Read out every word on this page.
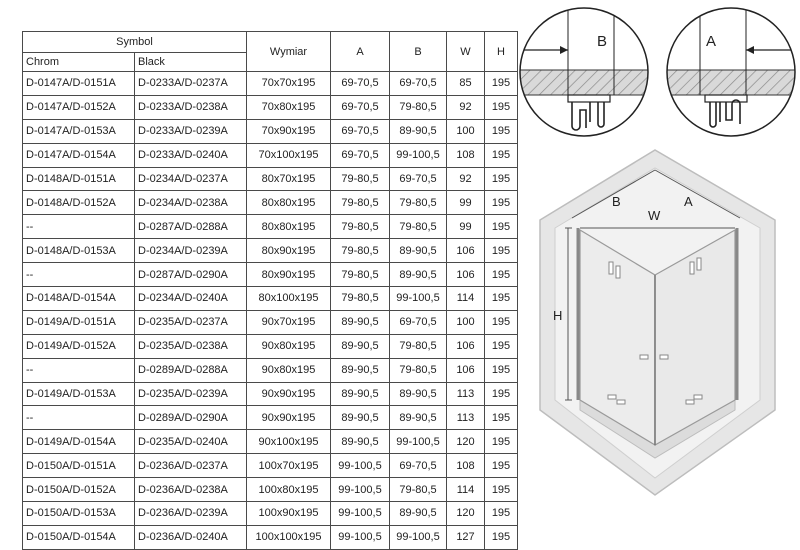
Symbol		Wymiar	A	B	W	H
Chrom	Black					
D-0147A/D-0151A	D-0233A/D-0237A	70x70x195	69-70,5	69-70,5	85	195
D-0147A/D-0152A	D-0233A/D-0238A	70x80x195	69-70,5	79-80,5	92	195
D-0147A/D-0153A	D-0233A/D-0239A	70x90x195	69-70,5	89-90,5	100	195
D-0147A/D-0154A	D-0233A/D-0240A	70x100x195	69-70,5	99-100,5	108	195
D-0148A/D-0151A	D-0234A/D-0237A	80x70x195	79-80,5	69-70,5	92	195
D-0148A/D-0152A	D-0234A/D-0238A	80x80x195	79-80,5	79-80,5	99	195
--	D-0287A/D-0288A	80x80x195	79-80,5	79-80,5	99	195
D-0148A/D-0153A	D-0234A/D-0239A	80x90x195	79-80,5	89-90,5	106	195
--	D-0287A/D-0290A	80x90x195	79-80,5	89-90,5	106	195
D-0148A/D-0154A	D-0234A/D-0240A	80x100x195	79-80,5	99-100,5	114	195
D-0149A/D-0151A	D-0235A/D-0237A	90x70x195	89-90,5	69-70,5	100	195
D-0149A/D-0152A	D-0235A/D-0238A	90x80x195	89-90,5	79-80,5	106	195
--	D-0289A/D-0288A	90x80x195	89-90,5	79-80,5	106	195
D-0149A/D-0153A	D-0235A/D-0239A	90x90x195	89-90,5	89-90,5	113	195
--	D-0289A/D-0290A	90x90x195	89-90,5	89-90,5	113	195
D-0149A/D-0154A	D-0235A/D-0240A	90x100x195	89-90,5	99-100,5	120	195
D-0150A/D-0151A	D-0236A/D-0237A	100x70x195	99-100,5	69-70,5	108	195
D-0150A/D-0152A	D-0236A/D-0238A	100x80x195	99-100,5	79-80,5	114	195
D-0150A/D-0153A	D-0236A/D-0239A	100x90x195	99-100,5	89-90,5	120	195
D-0150A/D-0154A	D-0236A/D-0240A	100x100x195	99-100,5	99-100,5	127	195
B	A
B
W
A
H
